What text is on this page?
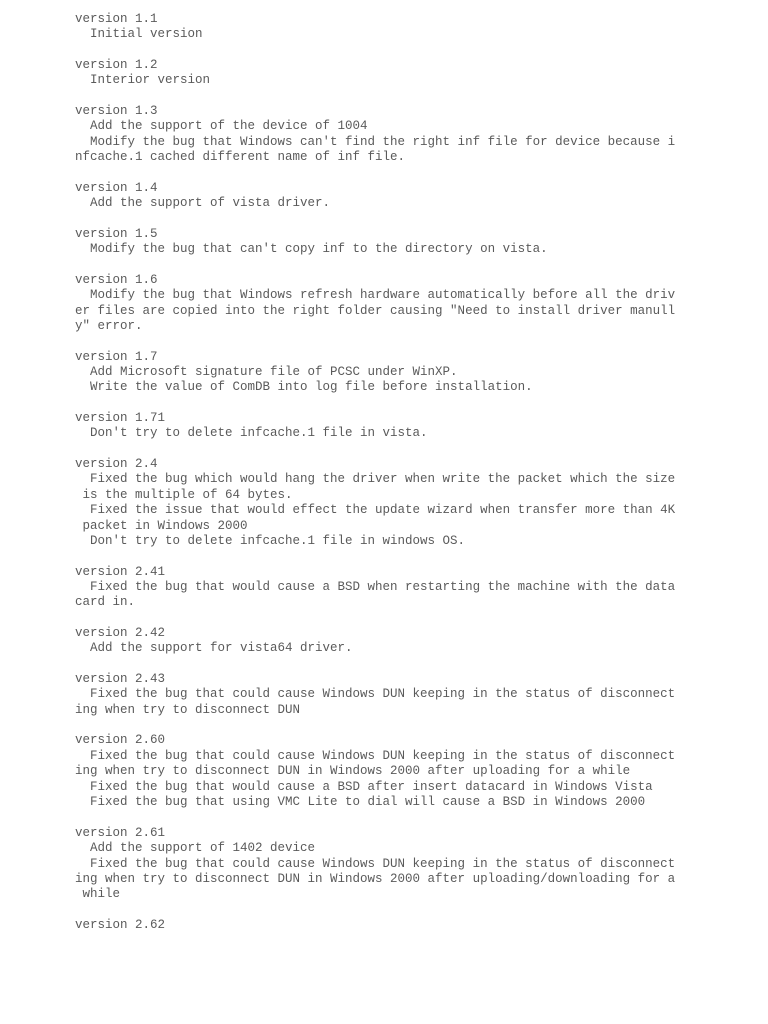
version 1.1
Initial version
version 1.2
Interior version
version 1.3
Add the support of the device of 1004
Modify the bug that Windows can't find the right inf file for device because i
nfcache.1 cached different name of inf file.
version 1.4
Add the support of vista driver.
version 1.5
Modify the bug that can't copy inf to the directory on vista.
version 1.6
Modify the bug that Windows refresh hardware automatically before all the driv
er files are copied into the right folder causing "Need to install driver manull
y" error.
version 1.7
Add Microsoft signature file of PCSC under WinXP.
Write the value of ComDB into log file before installation.
version 1.71
Don't try to delete infcache.1 file in vista.
version 2.4
Fixed the bug which would hang the driver when write the packet which the size
is the multiple of 64 bytes.
Fixed the issue that would effect the update wizard when transfer more than 4K
packet in Windows 2000
Don't try to delete infcache.1 file in windows OS.
version 2.41
Fixed the bug that would cause a BSD when restarting the machine with the data
card in.
version 2.42
Add the support for vista64 driver.
version 2.43
Fixed the bug that could cause Windows DUN keeping in the status of disconnect
ing when try to disconnect DUN
version 2.60
Fixed the bug that could cause Windows DUN keeping in the status of disconnect
ing when try to disconnect DUN in Windows 2000 after uploading for a while
Fixed the bug that would cause a BSD after insert datacard in Windows Vista
Fixed the bug that using VMC Lite to dial will cause a BSD in Windows 2000
version 2.61
Add the support of 1402 device
Fixed the bug that could cause Windows DUN keeping in the status of disconnect
ing when try to disconnect DUN in Windows 2000 after uploading/downloading for a
while
version 2.62
